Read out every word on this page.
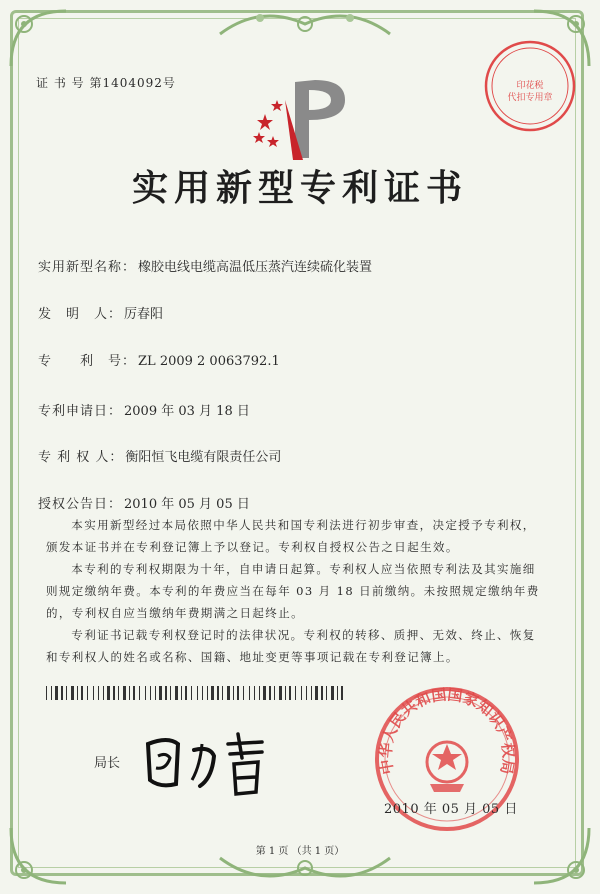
证 书 号 第1404092号	印花税
代扣专用章
实用新型专利证书
实用新型名称： 橡胶电线电缆高温低压蒸汽连续硫化装置
发　明　人： 厉春阳
专　　利　号： ZL 2009 2 0063792.1
专利申请日： 2009 年 03 月 18 日
专 利 权 人： 衡阳恒飞电缆有限责任公司
授权公告日： 2010 年 05 月 05 日

本实用新型经过本局依照中华人民共和国专利法进行初步审查，决定授予专利权，颁发本证书并在专利登记簿上予以登记。专利权自授权公告之日起生效。

本专利的专利权期限为十年，自申请日起算。专利权人应当依照专利法及其实施细则规定缴纳年费。本专利的年费应当在每年 03 月 18 日前缴纳。未按照规定缴纳年费的，专利权自应当缴纳年费期满之日起终止。

专利证书记载专利权登记时的法律状况。专利权的转移、质押、无效、终止、恢复和专利权人的姓名或名称、国籍、地址变更等事项记载在专利登记簿上。

局长	中华人民共和国国家知识产权局
2010 年 05 月 05 日
第 1 页 （共 1 页）
